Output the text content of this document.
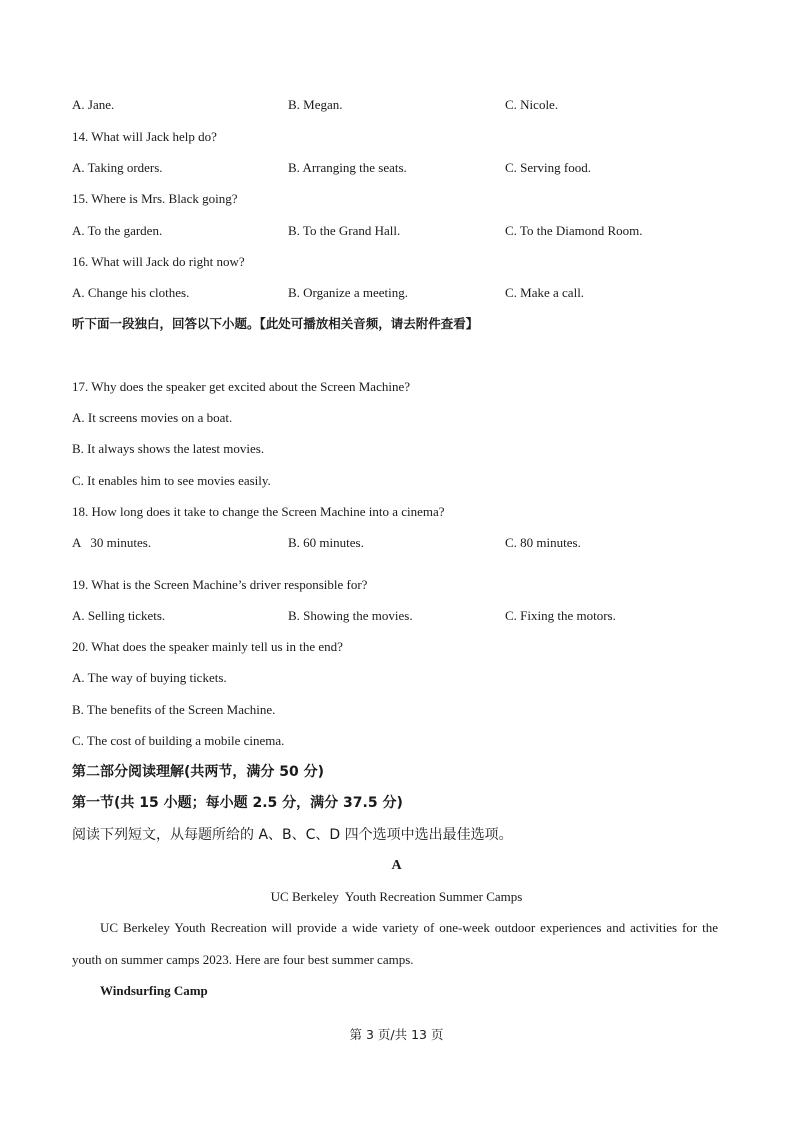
A. Jane.	B. Megan.	C. Nicole.
14. What will Jack help do?
A. Taking orders.	B. Arranging the seats.	C. Serving food.
15. Where is Mrs. Black going?
A. To the garden.	B. To the Grand Hall.	C. To the Diamond Room.
16. What will Jack do right now?
A. Change his clothes.	B. Organize a meeting.	C. Make a call.
听下面一段独白，回答以下小题。【此处可播放相关音频，请去附件查看】
17. Why does the speaker get excited about the Screen Machine?
A. It screens movies on a boat.
B. It always shows the latest movies.
C. It enables him to see movies easily.
18. How long does it take to change the Screen Machine into a cinema?
A   30 minutes.	B. 60 minutes.	C. 80 minutes.
19. What is the Screen Machine’s driver responsible for?
A. Selling tickets.	B. Showing the movies.	C. Fixing the motors.
20. What does the speaker mainly tell us in the end?
A. The way of buying tickets.
B. The benefits of the Screen Machine.
C. The cost of building a mobile cinema.
第二部分阅读理解(共两节，满分 50 分)
第一节(共 15 小题；每小题 2.5 分，满分 37.5 分)
阅读下列短文，从每题所给的 A、B、C、D 四个选项中选出最佳选项。
A
UC Berkeley  Youth Recreation Summer Camps
UC Berkeley Youth Recreation will provide a wide variety of one-week outdoor experiences and activities for the youth on summer camps 2023. Here are four best summer camps.
Windsurfing Camp
第 3 页/共 13 页
